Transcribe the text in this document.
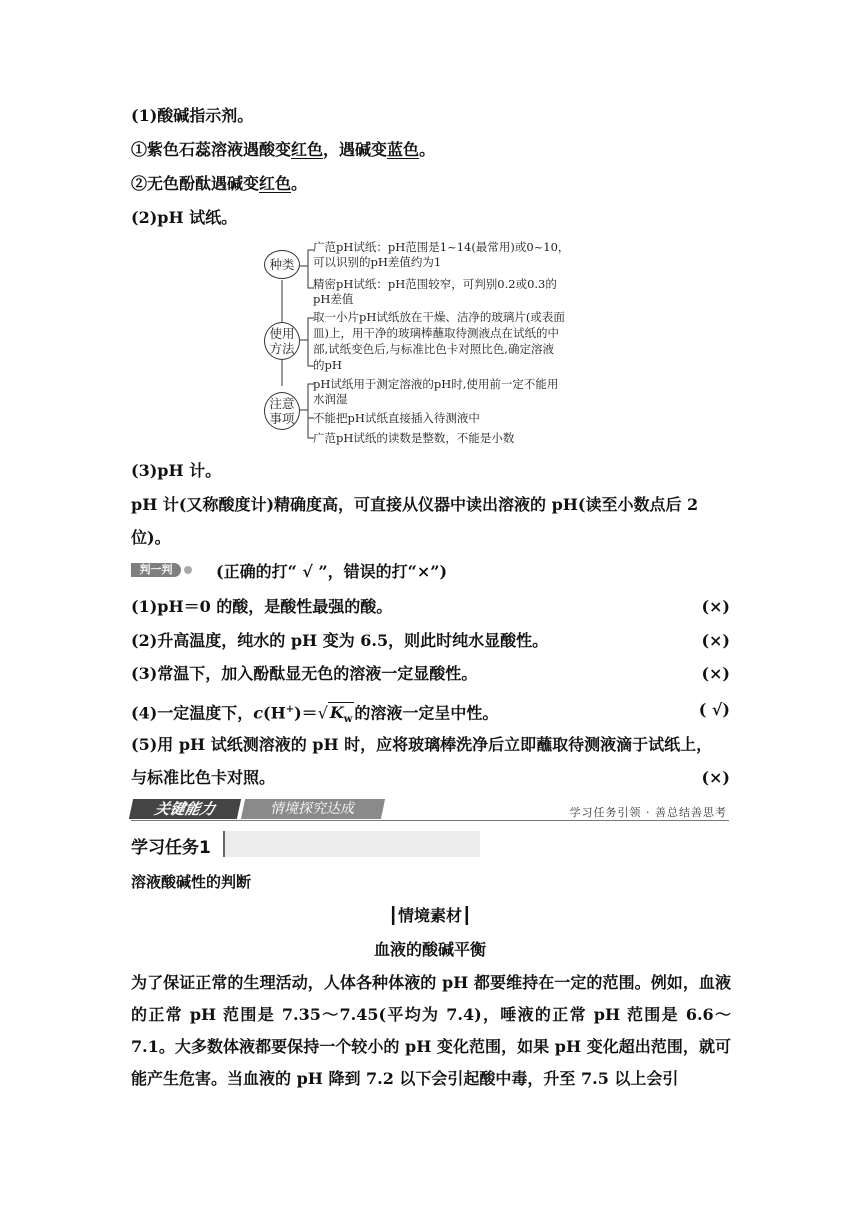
(1)酸碱指示剂。
①紫色石蕊溶液遇酸变红色，遇碱变蓝色。
②无色酚酞遇碱变红色。
(2)pH 试纸。
种类
使用方法
注意事项
广范pH试纸：pH范围是1~14(最常用)或0~10，
可以识别的pH差值约为1
精密pH试纸：pH范围较窄，可判别0.2或0.3的
pH差值
取一小片pH试纸放在干燥、洁净的玻璃片(或表面
皿)上，用干净的玻璃棒蘸取待测液点在试纸的中
部,试纸变色后,与标准比色卡对照比色,确定溶液
的pH
pH试纸用于测定溶液的pH时,使用前一定不能用
水润湿
不能把pH试纸直接插入待测液中
广范pH试纸的读数是整数，不能是小数
(3)pH 计。
pH 计(又称酸度计)精确度高，可直接从仪器中读出溶液的 pH(读至小数点后 2
位)。
判一判	(正确的打“ √ ”，错误的打“×”)
(1)pH＝0 的酸，是酸性最强的酸。	(×)
(2)升高温度，纯水的 pH 变为 6.5，则此时纯水显酸性。	(×)
(3)常温下，加入酚酞显无色的溶液一定显酸性。	(×)
(4)一定温度下，c(H+)＝√ $K_w$ 的溶液一定呈中性。	( √)
(5)用 pH 试纸测溶液的 pH 时，应将玻璃棒洗净后立即蘸取待测液滴于试纸上，
与标准比色卡对照。	(×)
关键能力	情境探究达成	学习任务引领 · 善总结善思考
学习任务1
溶液酸碱性的判断
┃情境素材┃
血液的酸碱平衡
为了保证正常的生理活动，人体各种体液的 pH 都要维持在一定的范围。例如，血液的正常 pH 范围是 7.35～7.45(平均为 7.4)，唾液的正常 pH 范围是 6.6～7.1。大多数体液都要保持一个较小的 pH 变化范围，如果 pH 变化超出范围，就可能产生危害。当血液的 pH 降到 7.2 以下会引起酸中毒，升至 7.5 以上会引
